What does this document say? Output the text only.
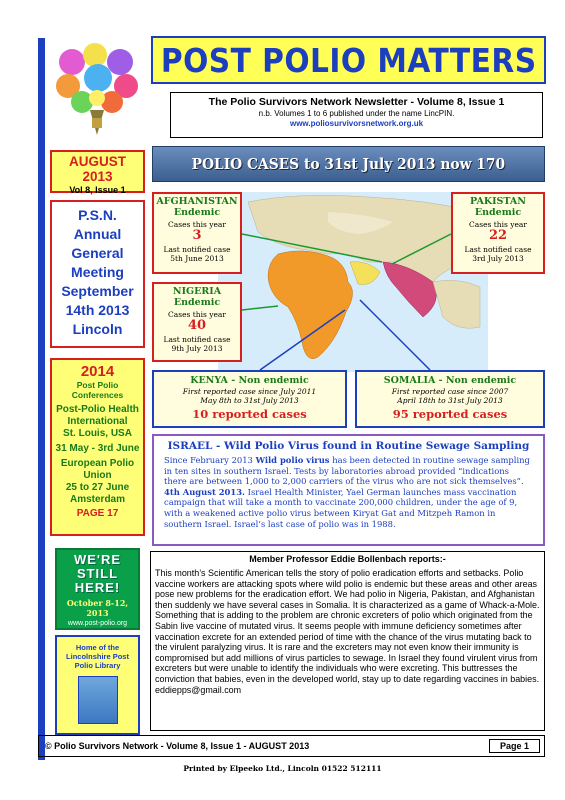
POST POLIO MATTERS
The Polio Survivors Network Newsletter - Volume 8, Issue 1
n.b. Volumes 1 to 6 published under the name LincPIN.
www.poliosurvivorsnetwork.org.uk
AUGUST
2013
Vol 8, Issue 1
P.S.N.
Annual
General
Meeting
September
14th 2013
Lincoln
2014
Post Polio Conferences
Post-Polio Health International
St. Louis, USA
31 May - 3rd June
European Polio Union
25 to 27 June
Amsterdam
PAGE 17
WE'RE
STILL
HERE!
October 8-12, 2013
www.post-polio.org
Home of the Lincolnshire Post Polio Library
POLIO CASES to 31st July 2013 now 170
AFGHANISTAN
Endemic
Cases this year
3
Last notified case
5th June 2013
NIGERIA
Endemic
Cases this year
40
Last notified case
9th July 2013
PAKISTAN
Endemic
Cases this year
22
Last notified case
3rd July 2013
KENYA - Non endemic
First reported case since July 2011
May 8th to 31st July 2013
10 reported cases
SOMALIA - Non endemic
First reported case since 2007
April 18th to 31st July 2013
95 reported cases
ISRAEL - Wild Polio Virus found in Routine Sewage Sampling
Since February 2013 Wild polio virus has been detected in routine sewage sampling in ten sites in southern Israel. Tests by laboratories abroad provided “indications there are between 1,000 to 2,000 carriers of the virus who are not sick themselves”. 4th August 2013. Israel Health Minister, Yael German launches mass vaccination campaign that will take a month to vaccinate 200,000 children, under the age of 9, with a weakened active polio virus between Kiryat Gat and Mitzpeh Ramon in southern Israel. Israel’s last case of polio was in 1988.
Member Professor Eddie Bollenbach reports:-
This month’s Scientific American tells the story of polio eradication efforts and setbacks. Polio vaccine workers are attacking spots where wild polio is endemic but these areas and other areas pose new problems for the eradication effort. We had polio in Nigeria, Pakistan, and Afghanistan then suddenly we have several cases in Somalia. It is characterized as a game of Whack-a-Mole. Something that is adding to the problem are chronic excreters of polio which originated from the Sabin live vaccine of mutated virus. It seems people with immune deficiency sometimes after vaccination excrete for an extended period of time with the chance of the virus mutating back to the virulent paralyzing virus. It is rare and the excreters may not even know their immunity is compromised but add millions of virus particles to sewage. In Israel they found virulent virus from excreters but were unable to identify the individuals who were excreting. This buttresses the conviction that babies, even in the developed world, stay up to date regarding vaccines in babies. eddiepps@gmail.com
© Polio Survivors Network - Volume 8, Issue 1 - AUGUST 2013	Page 1
Printed by Elpeeko Ltd., Lincoln 01522 512111
